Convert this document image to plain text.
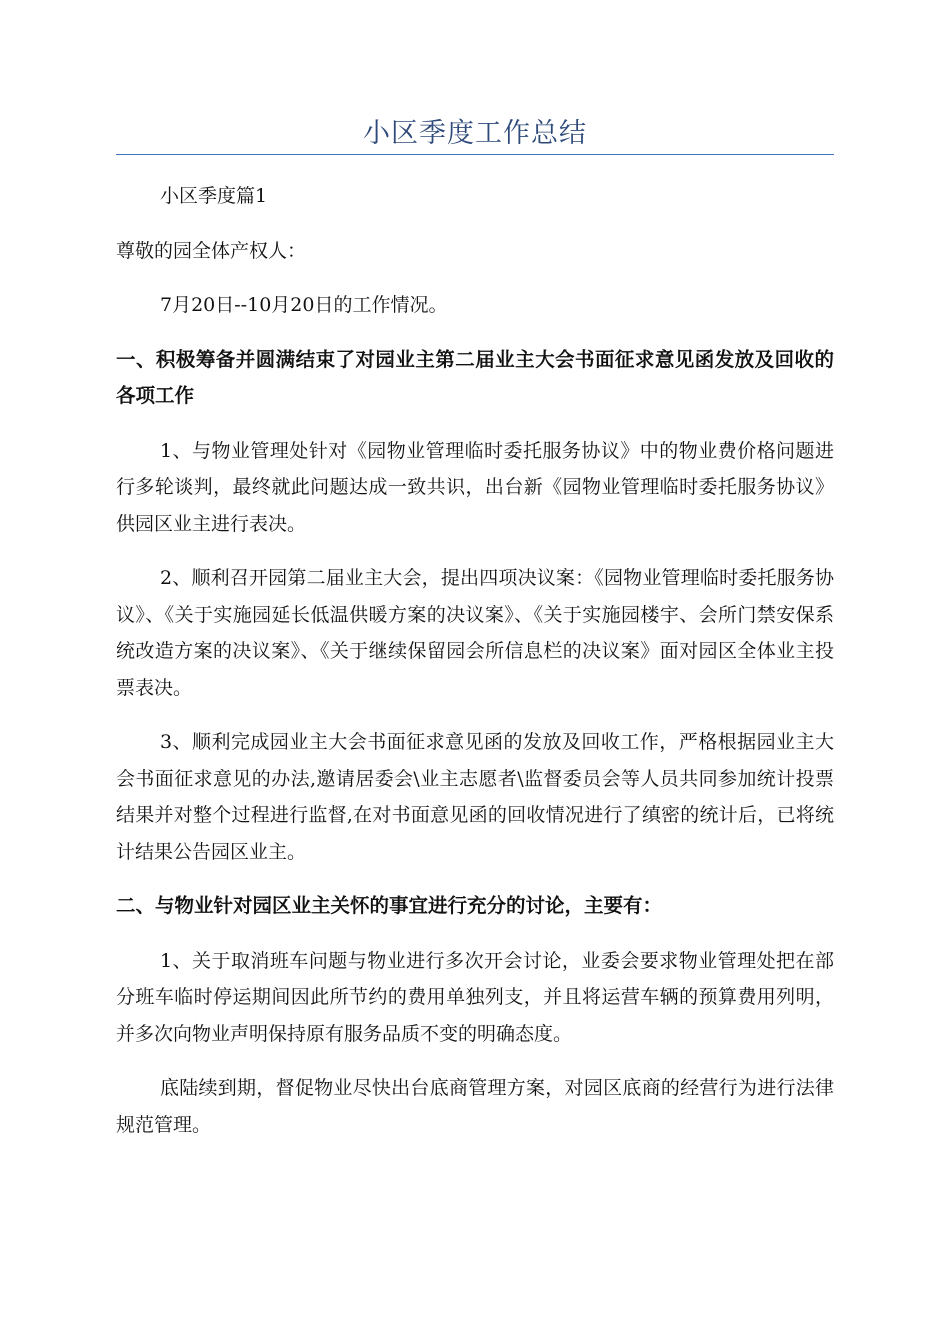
小区季度工作总结

小区季度篇1

尊敬的园全体产权人：

7月20日--10月20日的工作情况。

一、积极筹备并圆满结束了对园业主第二届业主大会书面征求意见函发放及回收的各项工作

1、与物业管理处针对《园物业管理临时委托服务协议》中的物业费价格问题进行多轮谈判，最终就此问题达成一致共识，出台新《园物业管理临时委托服务协议》供园区业主进行表决。

2、顺利召开园第二届业主大会，提出四项决议案：《园物业管理临时委托服务协议》、《关于实施园延长低温供暖方案的决议案》、《关于实施园楼宇、会所门禁安保系统改造方案的决议案》、《关于继续保留园会所信息栏的决议案》面对园区全体业主投票表决。

3、顺利完成园业主大会书面征求意见函的发放及回收工作，严格根据园业主大会书面征求意见的办法,邀请居委会\业主志愿者\监督委员会等人员共同参加统计投票结果并对整个过程进行监督,在对书面意见函的回收情况进行了缜密的统计后，已将统计结果公告园区业主。

二、与物业针对园区业主关怀的事宜进行充分的讨论，主要有：

1、关于取消班车问题与物业进行多次开会讨论，业委会要求物业管理处把在部分班车临时停运期间因此所节约的费用单独列支，并且将运营车辆的预算费用列明，并多次向物业声明保持原有服务品质不变的明确态度。

底陆续到期，督促物业尽快出台底商管理方案，对园区底商的经营行为进行法律规范管理。
